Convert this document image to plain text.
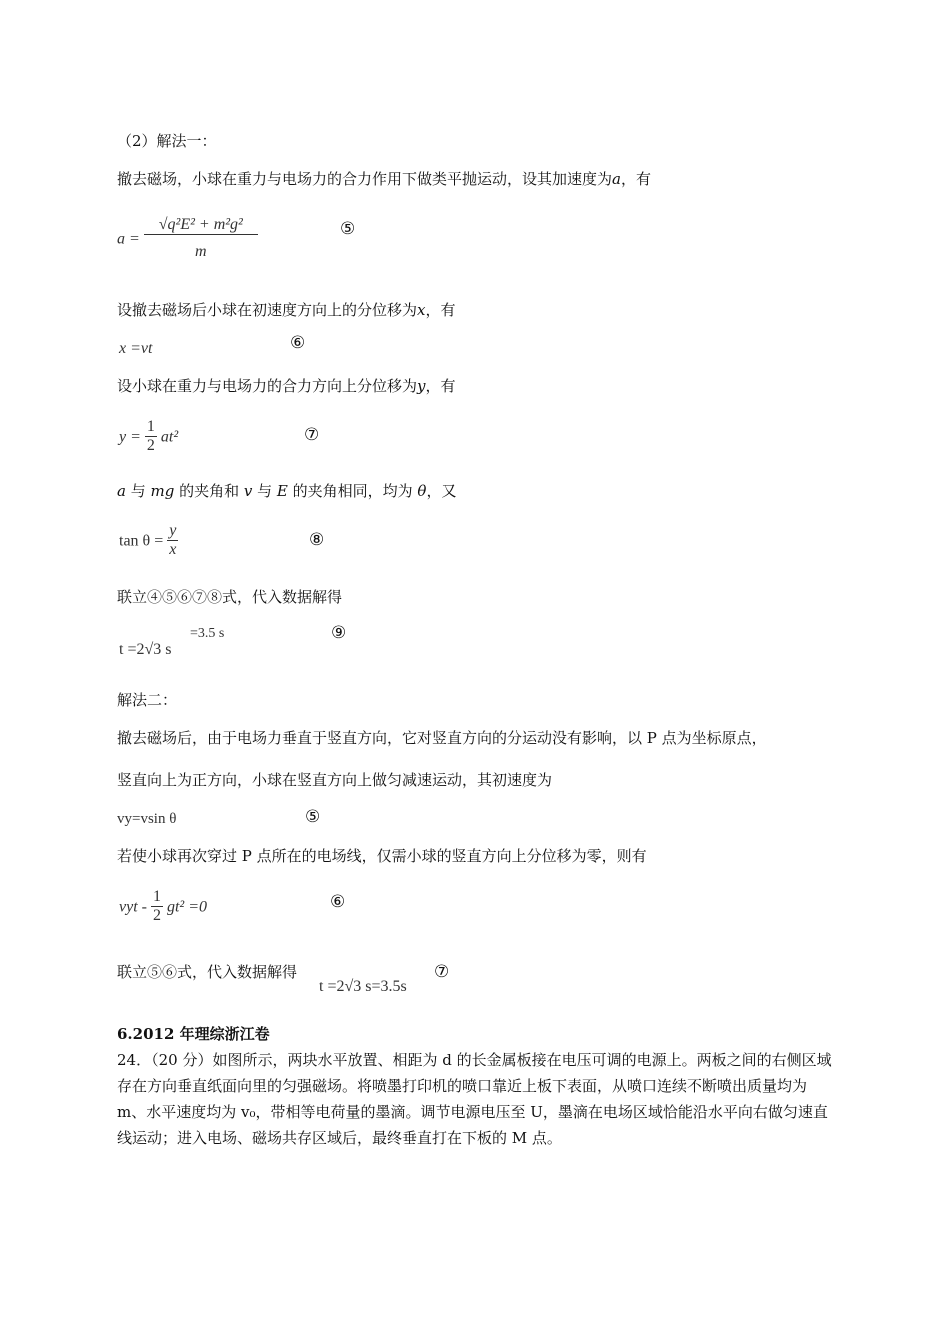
（2）解法一：
撤去磁场，小球在重力与电场力的合力作用下做类平抛运动，设其加速度为a，有
$a = \frac{\text{√q²E² + m²g²}}{m}$	⑤
设撤去磁场后小球在初速度方向上的分位移为x，有
x =vt	⑥
设小球在重力与电场力的合力方向上分位移为y，有
$y = \frac{1}{2} at^2$	⑦
a 与 mg 的夹角和 v 与 E 的夹角相同，均为 θ，又
$\tan \theta = \frac{y}{x}$	⑧
联立④⑤⑥⑦⑧式，代入数据解得
t =2√3 s
=3.5 s	⑨
解法二：
撤去磁场后，由于电场力垂直于竖直方向，它对竖直方向的分运动没有影响，以 P 点为坐标原点，
竖直向上为正方向，小球在竖直方向上做匀减速运动，其初速度为
vy=vsin θ	⑤
若使小球再次穿过 P 点所在的电场线，仅需小球的竖直方向上分位移为零，则有
vyt - $\frac{1}{2} gt^2 =0$	⑥
联立⑤⑥式，代入数据解得
t =2√3 s=3.5s
⑦
6.2012 年理综浙江卷
24．（20 分）如图所示，两块水平放置、相距为 d 的长金属板接在电压可调的电源上。两板之间的右侧区域存在方向垂直纸面向里的匀强磁场。将喷墨打印机的喷口靠近上板下表面，从喷口连续不断喷出质量均为 m、水平速度均为 v₀，带相等电荷量的墨滴。调节电源电压至 U，墨滴在电场区域恰能沿水平向右做匀速直线运动；进入电场、磁场共存区域后，最终垂直打在下板的 M 点。
